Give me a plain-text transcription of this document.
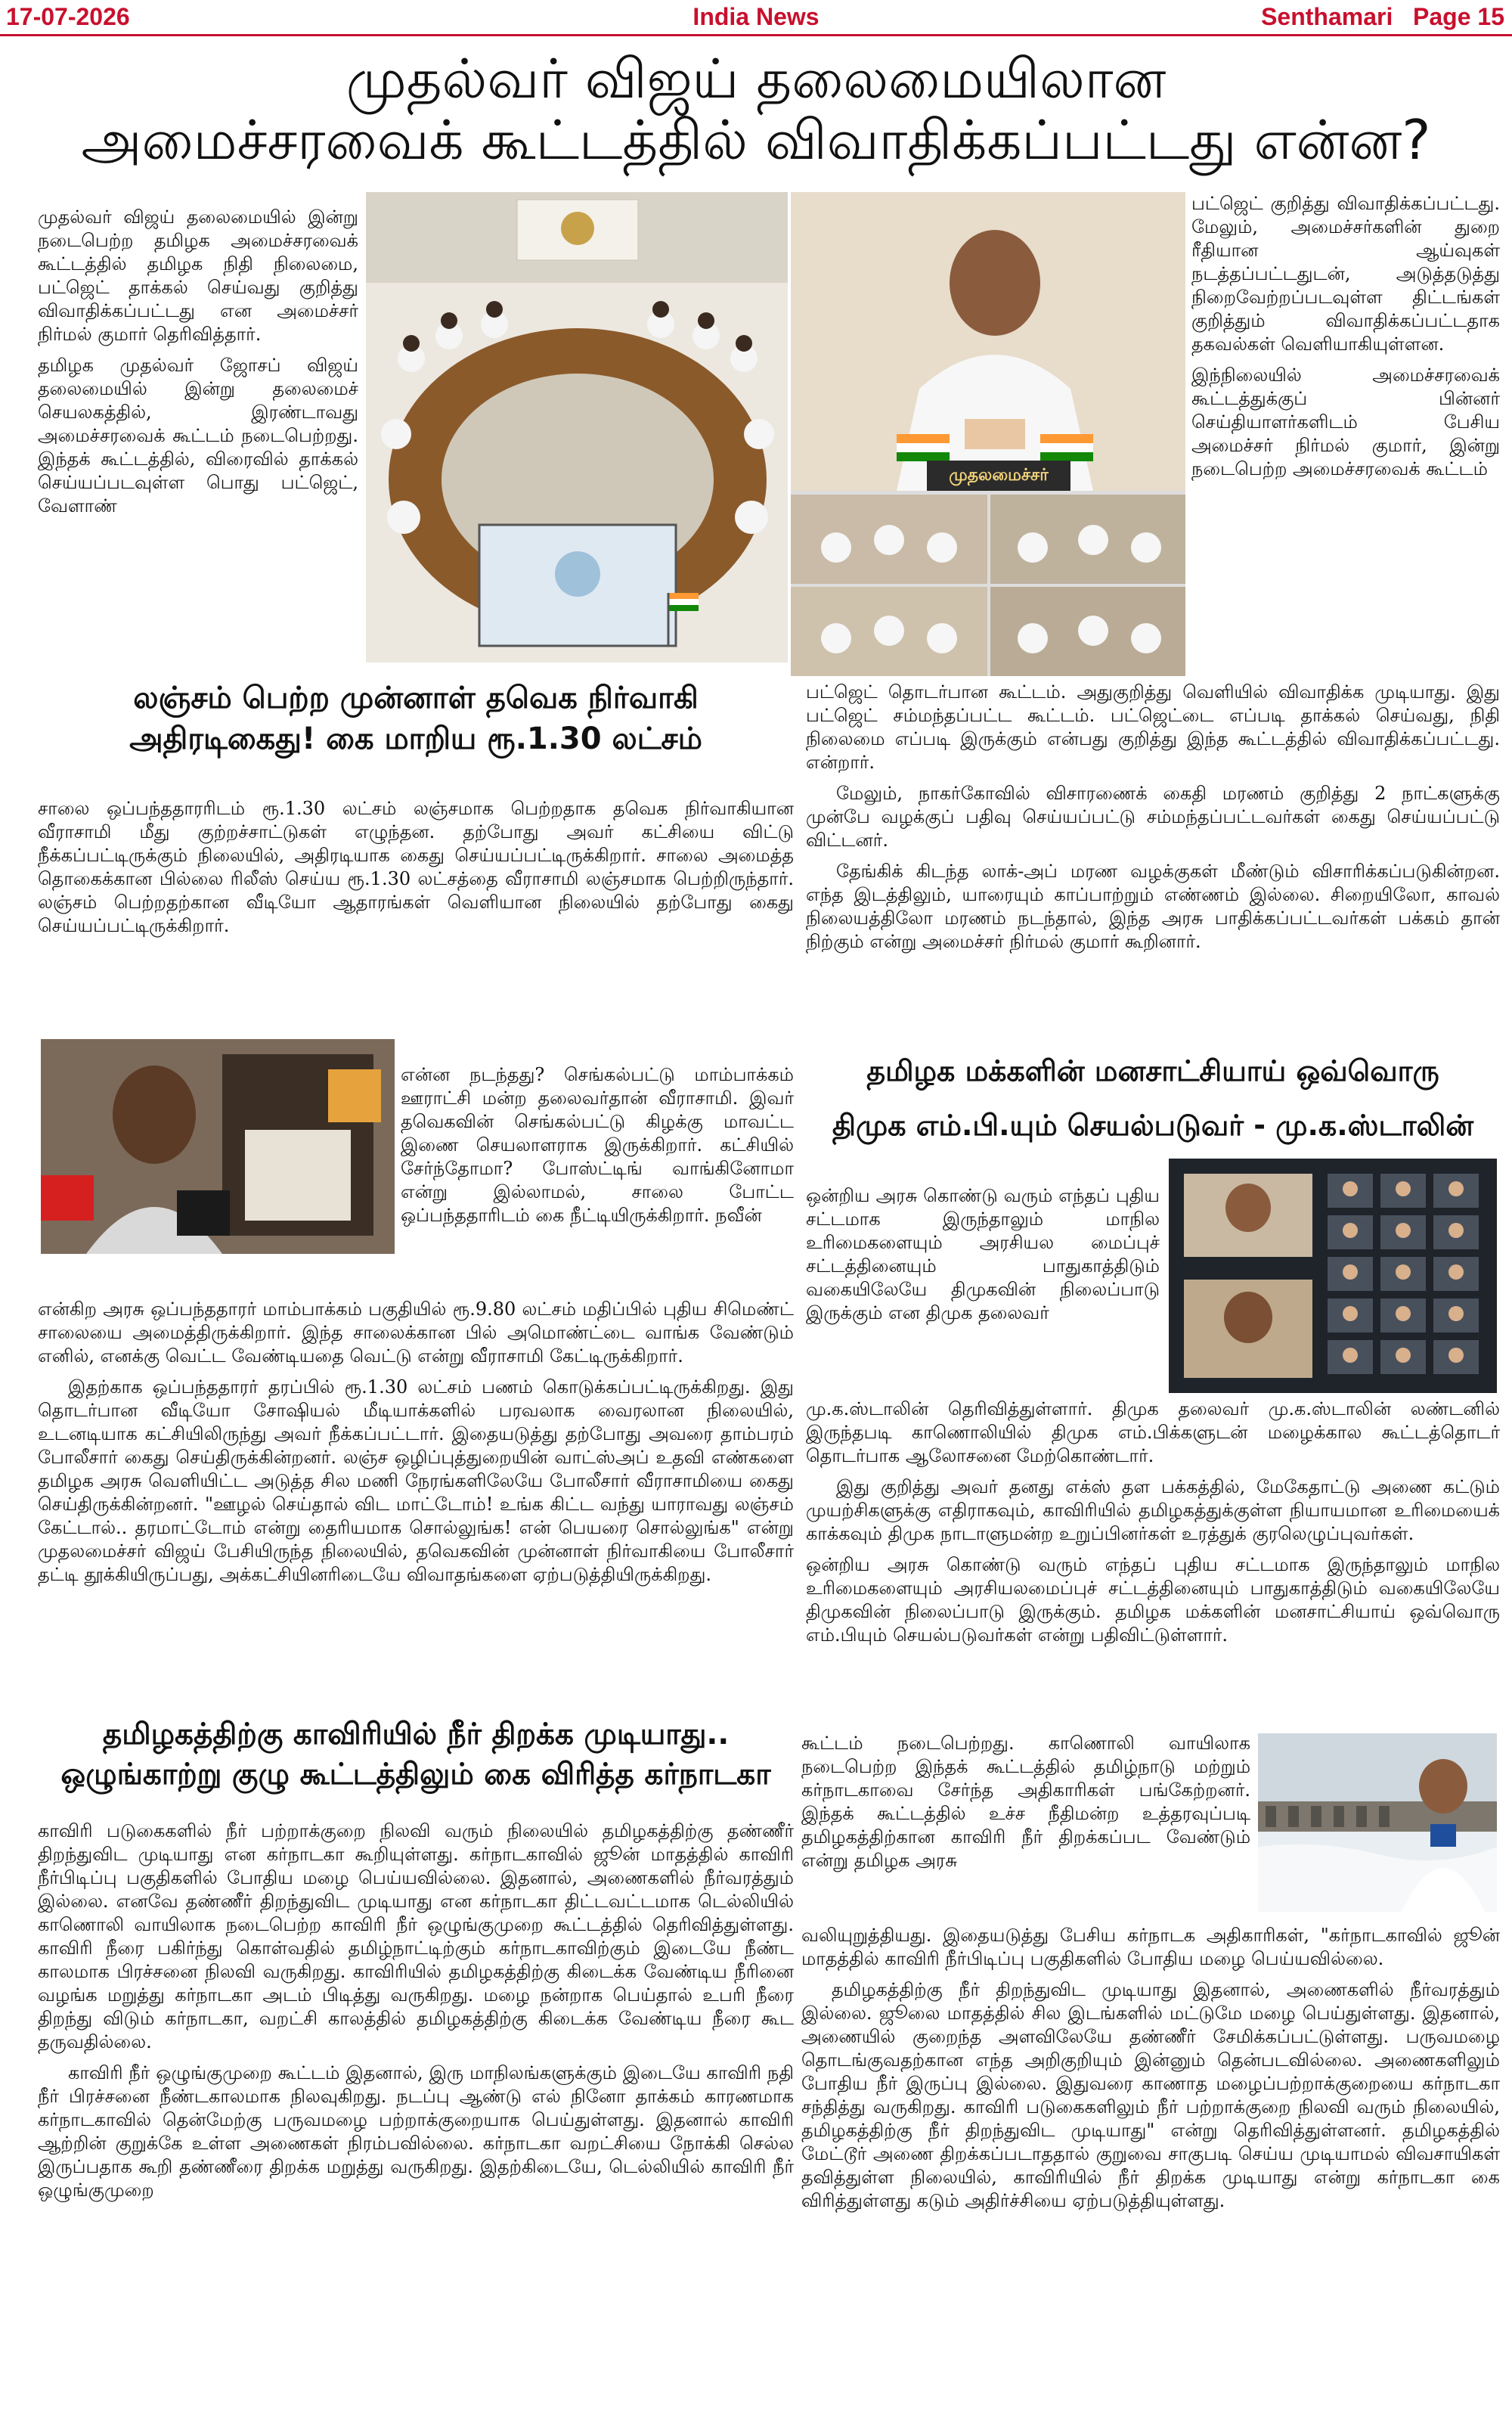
17-07-2026	India News	Senthamari   Page 15
முதல்வர் விஜய் தலைமையிலான
அமைச்சரவைக் கூட்டத்தில் விவாதிக்கப்பட்டது என்ன?

முதல்வர் விஜய் தலைமையில் இன்று நடைபெற்ற தமிழக அமைச்சரவைக் கூட்டத்தில் தமிழக நிதி நிலைமை, பட்ஜெட் தாக்கல் செய்வது குறித்து விவாதிக்கப்பட்டது என அமைச்சர் நிர்மல் குமார் தெரிவித்தார்.

தமிழக முதல்வர் ஜோசப் விஜய் தலைமையில் இன்று தலைமைச் செயலகத்தில், இரண்டாவது அமைச்சரவைக் கூட்டம் நடைபெற்றது. இந்தக் கூட்டத்தில், விரைவில் தாக்கல் செய்யப்படவுள்ள பொது பட்ஜெட், வேளாண்

முதலமைச்சர்

பட்ஜெட் குறித்து விவாதிக்கப்பட்டது. மேலும், அமைச்சர்களின் துறை ரீதியான ஆய்வுகள் நடத்தப்பட்டதுடன், அடுத்தடுத்து நிறைவேற்றப்படவுள்ள திட்டங்கள் குறித்தும் விவாதிக்கப்பட்டதாக தகவல்கள் வெளியாகியுள்ளன.

இந்நிலையில் அமைச்சரவைக் கூட்டத்துக்குப் பின்னர் செய்தியாளர்களிடம் பேசிய அமைச்சர் நிர்மல் குமார், இன்று நடைபெற்ற அமைச்சரவைக் கூட்டம்

பட்ஜெட் தொடர்பான கூட்டம். அதுகுறித்து வெளியில் விவாதிக்க முடியாது. இது பட்ஜெட் சம்மந்தப்பட்ட கூட்டம். பட்ஜெட்டை எப்படி தாக்கல் செய்வது, நிதி நிலைமை எப்படி இருக்கும் என்பது குறித்து இந்த கூட்டத்தில் விவாதிக்கப்பட்டது. என்றார்.

மேலும், நாகர்கோவில் விசாரணைக் கைதி மரணம் குறித்து 2 நாட்களுக்கு முன்பே வழக்குப் பதிவு செய்யப்பட்டு சம்மந்தப்பட்டவர்கள் கைது செய்யப்பட்டு விட்டனர்.

தேங்கிக் கிடந்த லாக்-அப் மரண வழக்குகள் மீண்டும் விசாரிக்கப்படுகின்றன. எந்த இடத்திலும், யாரையும் காப்பாற்றும் எண்ணம் இல்லை. சிறையிலோ, காவல் நிலையத்திலோ மரணம் நடந்தால், இந்த அரசு பாதிக்கப்பட்டவர்கள் பக்கம் தான் நிற்கும் என்று அமைச்சர் நிர்மல் குமார் கூறினார்.

லஞ்சம் பெற்ற முன்னாள் தவெக நிர்வாகி
அதிரடிகைது! கை மாறிய ரூ.1.30 லட்சம்

சாலை ஒப்பந்ததாரரிடம் ரூ.1.30 லட்சம் லஞ்சமாக பெற்றதாக தவெக நிர்வாகியான வீராசாமி மீது குற்றச்சாட்டுகள் எழுந்தன. தற்போது அவர் கட்சியை விட்டு நீக்கப்பட்டிருக்கும் நிலையில், அதிரடியாக கைது செய்யப்பட்டிருக்கிறார். சாலை அமைத்த தொகைக்கான பில்லை ரிலீஸ் செய்ய ரூ.1.30 லட்சத்தை வீராசாமி லஞ்சமாக பெற்றிருந்தார். லஞ்சம் பெற்றதற்கான வீடியோ ஆதாரங்கள் வெளியான நிலையில் தற்போது கைது செய்யப்பட்டிருக்கிறார்.

என்ன நடந்தது? செங்கல்பட்டு மாம்பாக்கம் ஊராட்சி மன்ற தலைவர்தான் வீராசாமி. இவர் தவெகவின் செங்கல்பட்டு கிழக்கு மாவட்ட இணை செயலாளராக இருக்கிறார். கட்சியில் சேர்ந்தோமா? போஸ்ட்டிங் வாங்கினோமா என்று இல்லாமல், சாலை போட்ட ஒப்பந்ததாரிடம் கை நீட்டியிருக்கிறார். நவீன்

என்கிற அரசு ஒப்பந்ததாரர் மாம்பாக்கம் பகுதியில் ரூ.9.80 லட்சம் மதிப்பில் புதிய சிமெண்ட் சாலையை அமைத்திருக்கிறார். இந்த சாலைக்கான பில் அமொண்ட்டை வாங்க வேண்டும் எனில், எனக்கு வெட்ட வேண்டியதை வெட்டு என்று வீராசாமி கேட்டிருக்கிறார்.

இதற்காக ஒப்பந்ததாரர் தரப்பில் ரூ.1.30 லட்சம் பணம் கொடுக்கப்பட்டிருக்கிறது. இது தொடர்பான வீடியோ சோஷியல் மீடியாக்களில் பரவலாக வைரலான நிலையில், உடனடியாக கட்சியிலிருந்து அவர் நீக்கப்பட்டார். இதையடுத்து தற்போது அவரை தாம்பரம் போலீசார் கைது செய்திருக்கின்றனர். லஞ்ச ஒழிப்புத்துறையின் வாட்ஸ்அப் உதவி எண்களை தமிழக அரசு வெளியிட்ட அடுத்த சில மணி நேரங்களிலேயே போலீசார் வீராசாமியை கைது செய்திருக்கின்றனர். "ஊழல் செய்தால் விட மாட்டோம்! உங்க கிட்ட வந்து யாராவது லஞ்சம் கேட்டால்.. தரமாட்டோம் என்று தைரியமாக சொல்லுங்க! என் பெயரை சொல்லுங்க" என்று முதலமைச்சர் விஜய் பேசியிருந்த நிலையில், தவெகவின் முன்னாள் நிர்வாகியை போலீசார் தட்டி தூக்கியிருப்பது, அக்கட்சியினரிடையே விவாதங்களை ஏற்படுத்தியிருக்கிறது.

தமிழக மக்களின் மனசாட்சியாய் ஒவ்வொரு
திமுக எம்.பி.யும் செயல்படுவர் - மு.க.ஸ்டாலின்

ஒன்றிய அரசு கொண்டு வரும் எந்தப் புதிய சட்டமாக இருந்தாலும் மாநில உரிமைகளையும் அரசியல மைப்புச் சட்டத்தினையும் பாதுகாத்திடும் வகையிலேயே திமுகவின் நிலைப்பாடு இருக்கும் என திமுக தலைவர்

மு.க.ஸ்டாலின் தெரிவித்துள்ளார். திமுக தலைவர் மு.க.ஸ்டாலின் லண்டனில் இருந்தபடி காணொலியில் திமுக எம்.பிக்களுடன் மழைக்கால கூட்டத்தொடர் தொடர்பாக ஆலோசனை மேற்கொண்டார்.

இது குறித்து அவர் தனது எக்ஸ் தள பக்கத்தில், மேகேதாட்டு அணை கட்டும் முயற்சிகளுக்கு எதிராகவும், காவிரியில் தமிழகத்துக்குள்ள நியாயமான உரிமையைக் காக்கவும் திமுக நாடாளுமன்ற உறுப்பினர்கள் உரத்துக் குரலெழுப்புவர்கள்.

ஒன்றிய அரசு கொண்டு வரும் எந்தப் புதிய சட்டமாக இருந்தாலும் மாநில உரிமைகளையும் அரசியலமைப்புச் சட்டத்தினையும் பாதுகாத்திடும் வகையிலேயே திமுகவின் நிலைப்பாடு இருக்கும். தமிழக மக்களின் மனசாட்சியாய் ஒவ்வொரு எம்.பியும் செயல்படுவர்கள் என்று பதிவிட்டுள்ளார்.

தமிழகத்திற்கு காவிரியில் நீர் திறக்க முடியாது..
ஒழுங்காற்று குழு கூட்டத்திலும் கை விரித்த கர்நாடகா

காவிரி படுகைகளில் நீர் பற்றாக்குறை நிலவி வரும் நிலையில் தமிழகத்திற்கு தண்ணீர் திறந்துவிட முடியாது என கர்நாடகா கூறியுள்ளது. கர்நாடகாவில் ஜூன் மாதத்தில் காவிரி நீர்பிடிப்பு பகுதிகளில் போதிய மழை பெய்யவில்லை. இதனால், அணைகளில் நீர்வரத்தும் இல்லை. எனவே தண்ணீர் திறந்துவிட முடியாது என கர்நாடகா திட்டவட்டமாக டெல்லியில் காணொலி வாயிலாக நடைபெற்ற காவிரி நீர் ஒழுங்குமுறை கூட்டத்தில் தெரிவித்துள்ளது. காவிரி நீரை பகிர்ந்து கொள்வதில் தமிழ்நாட்டிற்கும் கர்நாடகாவிற்கும் இடையே நீண்ட காலமாக பிரச்சனை நிலவி வருகிறது. காவிரியில் தமிழகத்திற்கு கிடைக்க வேண்டிய நீரினை வழங்க மறுத்து கர்நாடகா அடம் பிடித்து வருகிறது. மழை நன்றாக பெய்தால் உபரி நீரை திறந்து விடும் கர்நாடகா, வறட்சி காலத்தில் தமிழகத்திற்கு கிடைக்க வேண்டிய நீரை கூட தருவதில்லை.

காவிரி நீர் ஒழுங்குமுறை கூட்டம் இதனால், இரு மாநிலங்களுக்கும் இடையே காவிரி நதி நீர் பிரச்சனை நீண்டகாலமாக நிலவுகிறது. நடப்பு ஆண்டு எல் நினோ தாக்கம் காரணமாக கர்நாடகாவில் தென்மேற்கு பருவமழை பற்றாக்குறையாக பெய்துள்ளது. இதனால் காவிரி ஆற்றின் குறுக்கே உள்ள அணைகள் நிரம்பவில்லை. கர்நாடகா வறட்சியை நோக்கி செல்ல இருப்பதாக கூறி தண்ணீரை திறக்க மறுத்து வருகிறது. இதற்கிடையே, டெல்லியில் காவிரி நீர் ஒழுங்குமுறை

கூட்டம் நடைபெற்றது. காணொலி வாயிலாக நடைபெற்ற இந்தக் கூட்டத்தில் தமிழ்நாடு மற்றும் கர்நாடகாவை சேர்ந்த அதிகாரிகள் பங்கேற்றனர். இந்தக் கூட்டத்தில் உச்ச நீதிமன்ற உத்தரவுப்படி தமிழகத்திற்கான காவிரி நீர் திறக்கப்பட வேண்டும் என்று தமிழக அரசு

வலியுறுத்தியது. இதையடுத்து பேசிய கர்நாடக அதிகாரிகள், "கர்நாடகாவில் ஜூன் மாதத்தில் காவிரி நீர்பிடிப்பு பகுதிகளில் போதிய மழை பெய்யவில்லை.

தமிழகத்திற்கு நீர் திறந்துவிட முடியாது இதனால், அணைகளில் நீர்வரத்தும் இல்லை. ஜூலை மாதத்தில் சில இடங்களில் மட்டுமே மழை பெய்துள்ளது. இதனால், அணையில் குறைந்த அளவிலேயே தண்ணீர் சேமிக்கப்பட்டுள்ளது. பருவமழை தொடங்குவதற்கான எந்த அறிகுறியும் இன்னும் தென்படவில்லை. அணைகளிலும் போதிய நீர் இருப்பு இல்லை. இதுவரை காணாத மழைப்பற்றாக்குறையை கர்நாடகா சந்தித்து வருகிறது. காவிரி படுகைகளிலும் நீர் பற்றாக்குறை நிலவி வரும் நிலையில், தமிழகத்திற்கு நீர் திறந்துவிட முடியாது" என்று தெரிவித்துள்ளனர். தமிழகத்தில் மேட்டூர் அணை திறக்கப்படாததால் குறுவை சாகுபடி செய்ய முடியாமல் விவசாயிகள் தவித்துள்ள நிலையில், காவிரியில் நீர் திறக்க முடியாது என்று கர்நாடகா கை விரித்துள்ளது கடும் அதிர்ச்சியை ஏற்படுத்தியுள்ளது.
